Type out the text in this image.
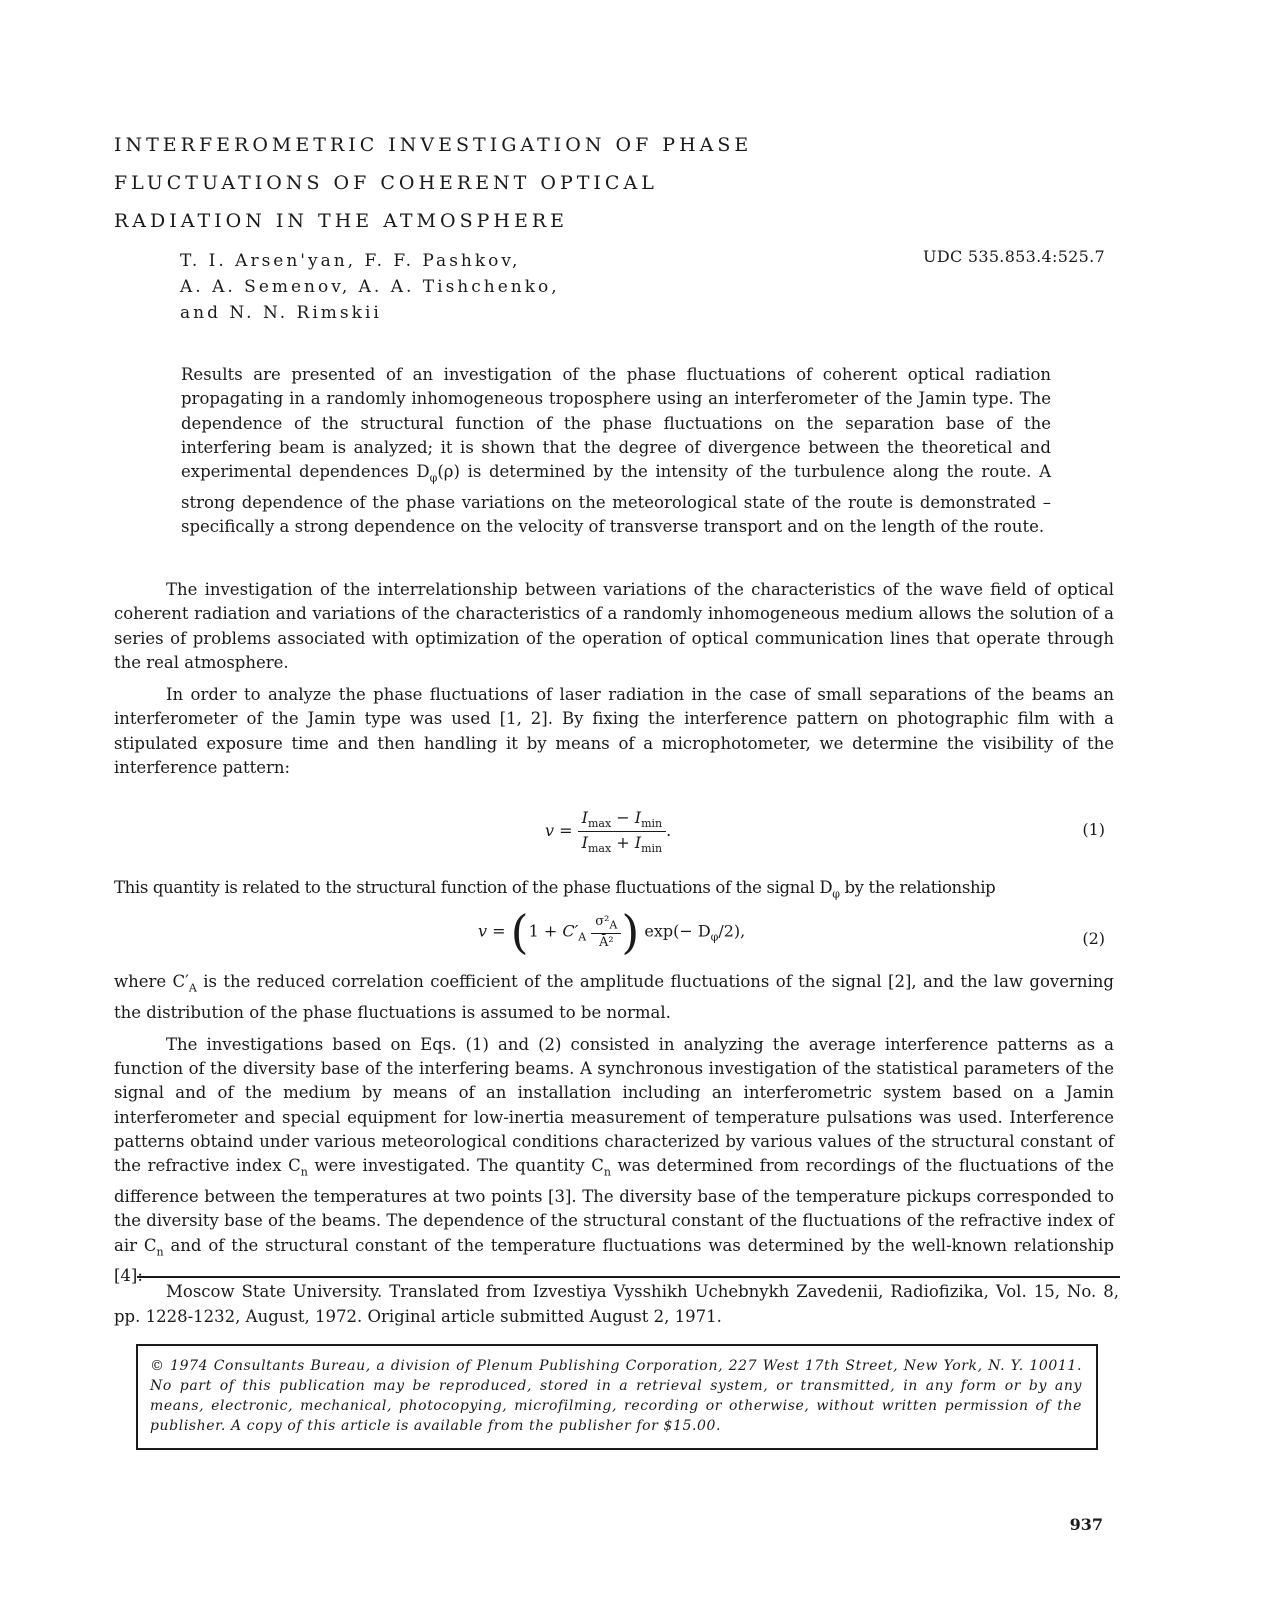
INTERFEROMETRIC INVESTIGATION OF PHASE
FLUCTUATIONS OF COHERENT OPTICAL
RADIATION IN THE ATMOSPHERE
T. I. Arsen'yan, F. F. Pashkov,
A. A. Semenov, A. A. Tishchenko,
and N. N. Rimskii
UDC 535.853.4:525.7
Results are presented of an investigation of the phase fluctuations of coherent optical radiation propagating in a randomly inhomogeneous troposphere using an interferometer of the Jamin type. The dependence of the structural function of the phase fluctuations on the separation base of the interfering beam is analyzed; it is shown that the degree of divergence between the theoretical and experimental dependences $D_\varphi(\rho)$ is determined by the intensity of the turbulence along the route. A strong dependence of the phase variations on the meteorological state of the route is demonstrated – specifically a strong dependence on the velocity of transverse transport and on the length of the route.

The investigation of the interrelationship between variations of the characteristics of the wave field of optical coherent radiation and variations of the characteristics of a randomly inhomogeneous medium allows the solution of a series of problems associated with optimization of the operation of optical communication lines that operate through the real atmosphere.

In order to analyze the phase fluctuations of laser radiation in the case of small separations of the beams an interferometer of the Jamin type was used [1, 2]. By fixing the interference pattern on photographic film with a stipulated exposure time and then handling it by means of a microphotometer, we determine the visibility of the interference pattern:

$v = \frac{I_{max} - I_{min}}{I_{max} + I_{min}}$ .	(1)
This quantity is related to the structural function of the phase fluctuations of the signal $D_\varphi$ by the relationship
$v = (1 + C'_A \frac{\sigma^2_A}{\text{Ā²}}$ ) $\exp(- D_\varphi/2)$,	(2)
where $C'_A$ is the reduced correlation coefficient of the amplitude fluctuations of the signal [2], and the law governing the distribution of the phase fluctuations is assumed to be normal.

The investigations based on Eqs. (1) and (2) consisted in analyzing the average interference patterns as a function of the diversity base of the interfering beams. A synchronous investigation of the statistical parameters of the signal and of the medium by means of an installation including an interferometric system based on a Jamin interferometer and special equipment for low-inertia measurement of temperature pulsations was used. Interference patterns obtaind under various meteorological conditions characterized by various values of the structural constant of the refractive index $C_n$ were investigated. The quantity $C_n$ was determined from recordings of the fluctuations of the difference between the temperatures at two points [3]. The diversity base of the temperature pickups corresponded to the diversity base of the beams. The dependence of the structural constant of the fluctuations of the refractive index of air $C_n$ and of the structural constant of the temperature fluctuations was determined by the well-known relationship [4]:

Moscow State University. Translated from Izvestiya Vysshikh Uchebnykh Zavedenii, Radiofizika, Vol. 15, No. 8, pp. 1228-1232, August, 1972. Original article submitted August 2, 1971.
© 1974 Consultants Bureau, a division of Plenum Publishing Corporation, 227 West 17th Street, New York, N. Y. 10011. No part of this publication may be reproduced, stored in a retrieval system, or transmitted, in any form or by any means, electronic, mechanical, photocopying, microfilming, recording or otherwise, without written permission of the publisher. A copy of this article is available from the publisher for $15.00.
937
